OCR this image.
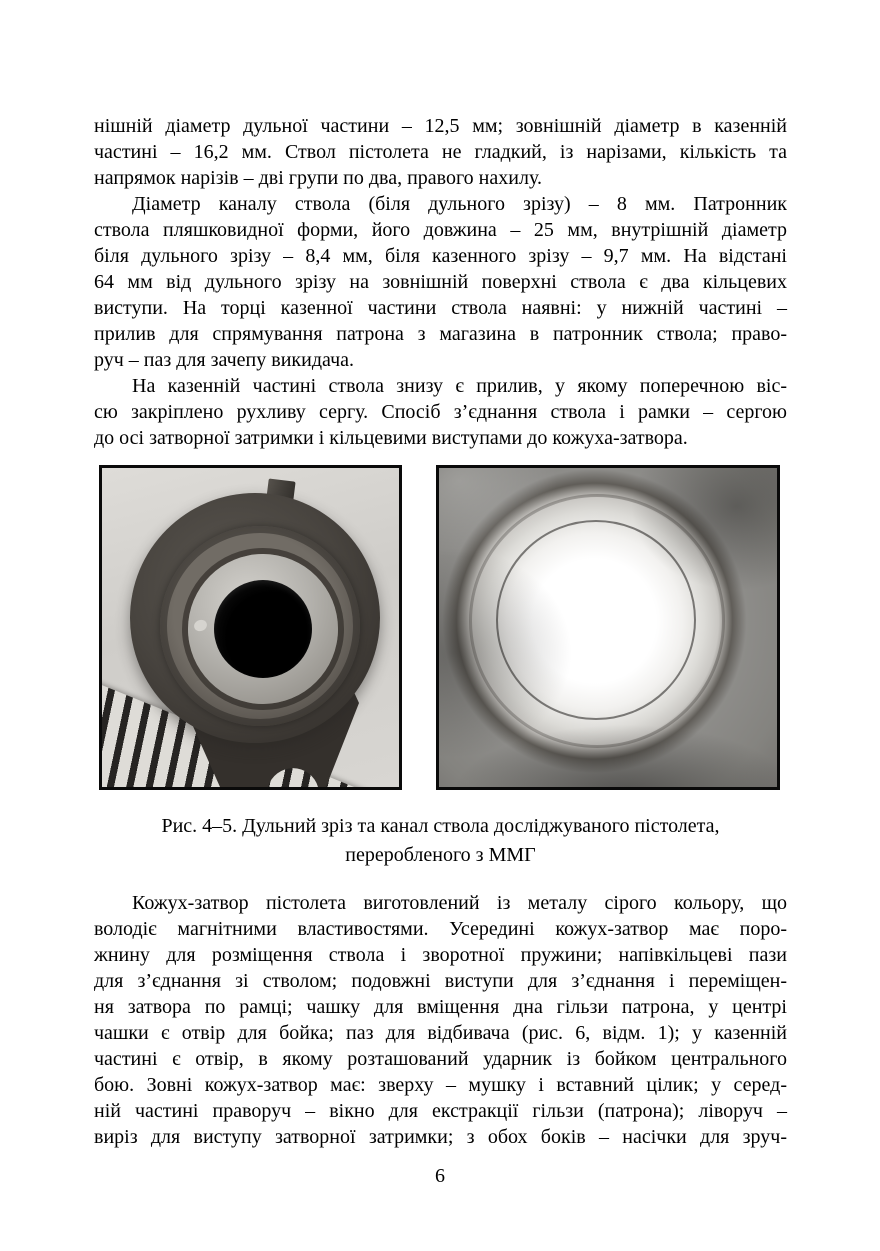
нішній діаметр дульної частини – 12,5 мм; зовнішній діаметр в казенній
частині – 16,2 мм. Ствол пістолета не гладкий, із нарізами, кількість та
напрямок нарізів – дві групи по два, правого нахилу.
Діаметр каналу ствола (біля дульного зрізу) – 8 мм. Патронник
ствола пляшковидної форми, його довжина – 25 мм, внутрішній діаметр
біля дульного зрізу – 8,4 мм, біля казенного зрізу – 9,7 мм. На відстані
64 мм від дульного зрізу на зовнішній поверхні ствола є два кільцевих
виступи. На торці казенної частини ствола наявні: у нижній частині –
прилив для спрямування патрона з магазина в патронник ствола; право-
руч – паз для зачепу викидача.
На казенній частині ствола знизу є прилив, у якому поперечною віс-
сю закріплено рухливу сергу. Спосіб з’єднання ствола і рамки – сергою
до осі затворної затримки і кільцевими виступами до кожуха-затвора.
Рис. 4–5. Дульний зріз та канал ствола досліджуваного пістолета,
переробленого з ММГ
Кожух-затвор пістолета виготовлений із металу сірого кольору, що
володіє магнітними властивостями. Усередині кожух-затвор має поро-
жнину для розміщення ствола і зворотної пружини; напівкільцеві пази
для з’єднання зі стволом; подовжні виступи для з’єднання і переміщен-
ня затвора по рамці; чашку для вміщення дна гільзи патрона, у центрі
чашки є отвір для бойка; паз для відбивача (рис. 6, відм. 1); у казенній
частині є отвір, в якому розташований ударник із бойком центрального
бою. Зовні кожух-затвор має: зверху – мушку і вставний цілик; у серед-
ній частині праворуч – вікно для екстракції гільзи (патрона); ліворуч –
виріз для виступу затворної затримки; з обох боків – насічки для зруч-
6
